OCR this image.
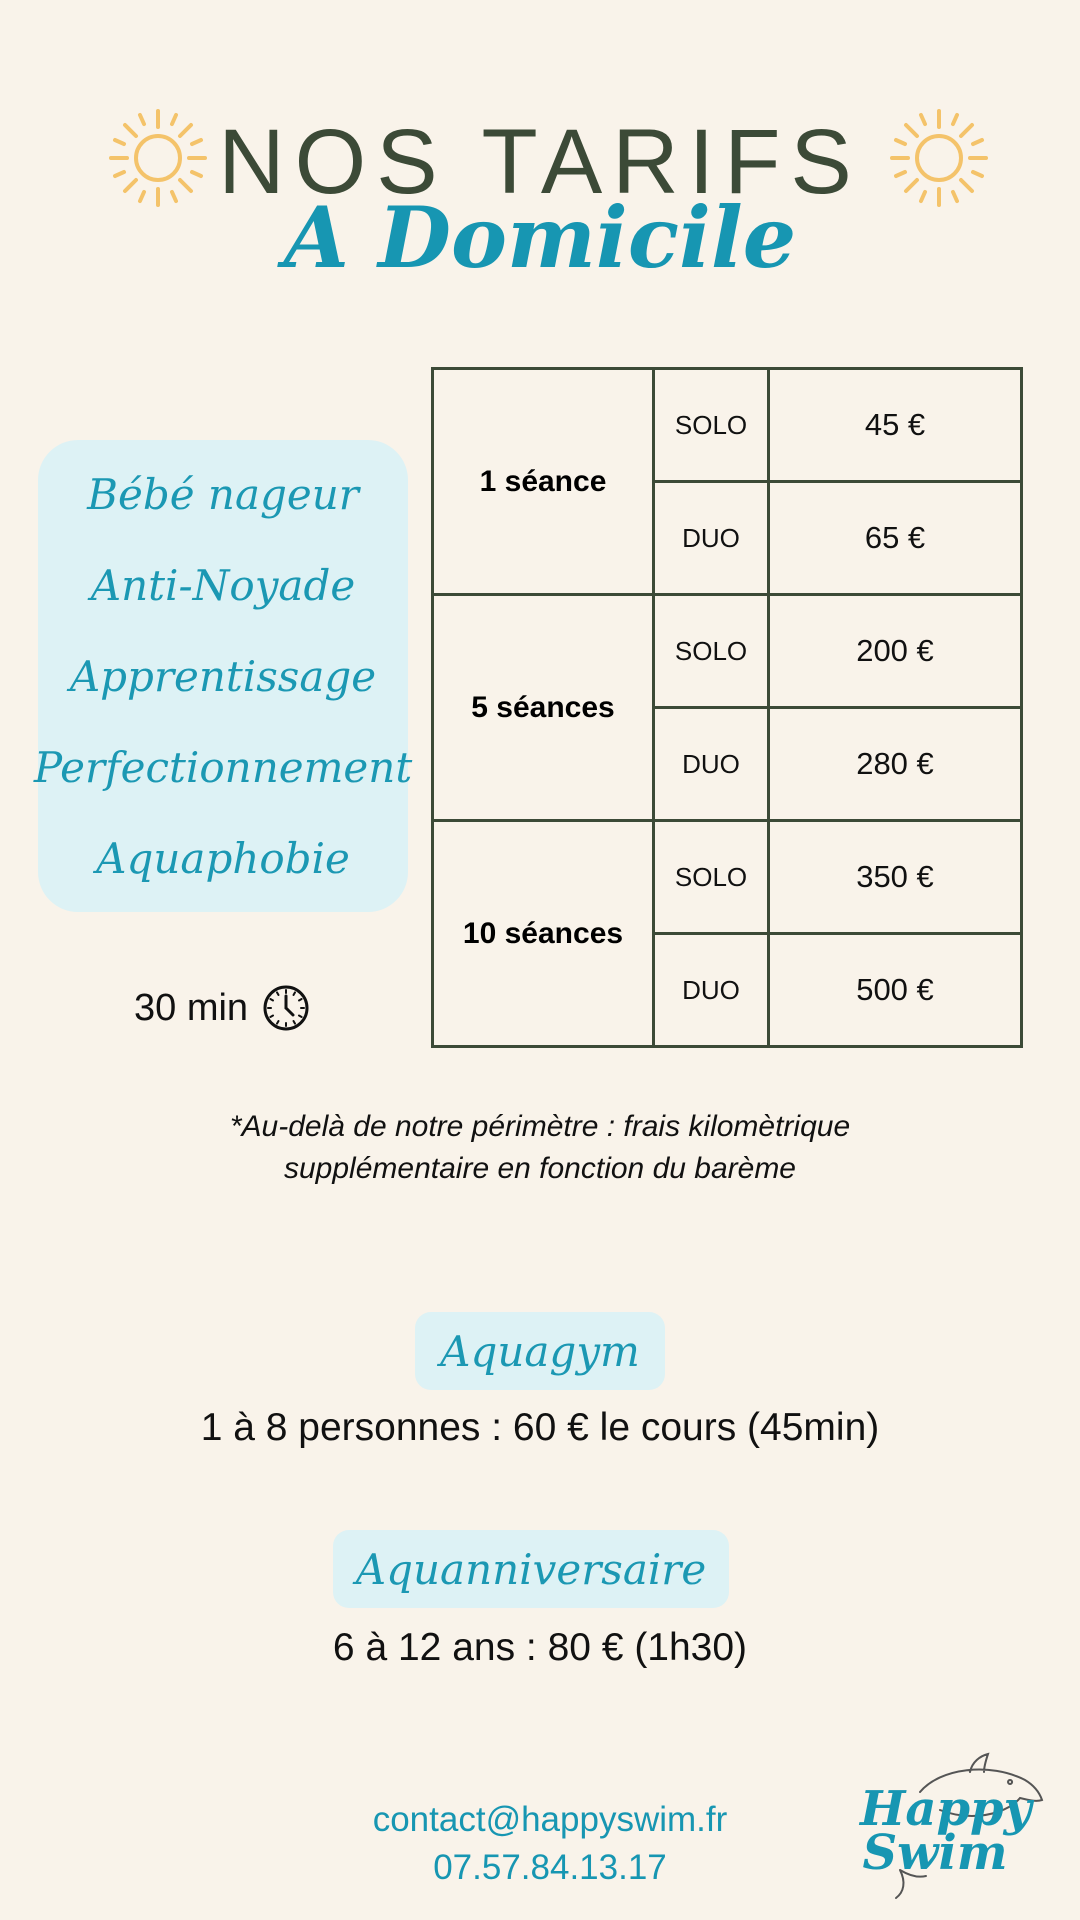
NOS TARIFS
A Domicile
Bébé nageur
Anti-Noyade
Apprentissage
Perfectionnement
Aquaphobie
30 min
1 séance	SOLO	45 €
	DUO	65 €
5 séances	SOLO	200 €
	DUO	280 €
10 séances	SOLO	350 €
	DUO	500 €
*Au-delà de notre périmètre : frais kilomètrique
supplémentaire en fonction du barème
Aquagym
1 à 8 personnes : 60 € le cours (45min)
Aquanniversaire
6 à 12 ans : 80 € (1h30)
contact@happyswim.fr
07.57.84.13.17
Happy
Swim
